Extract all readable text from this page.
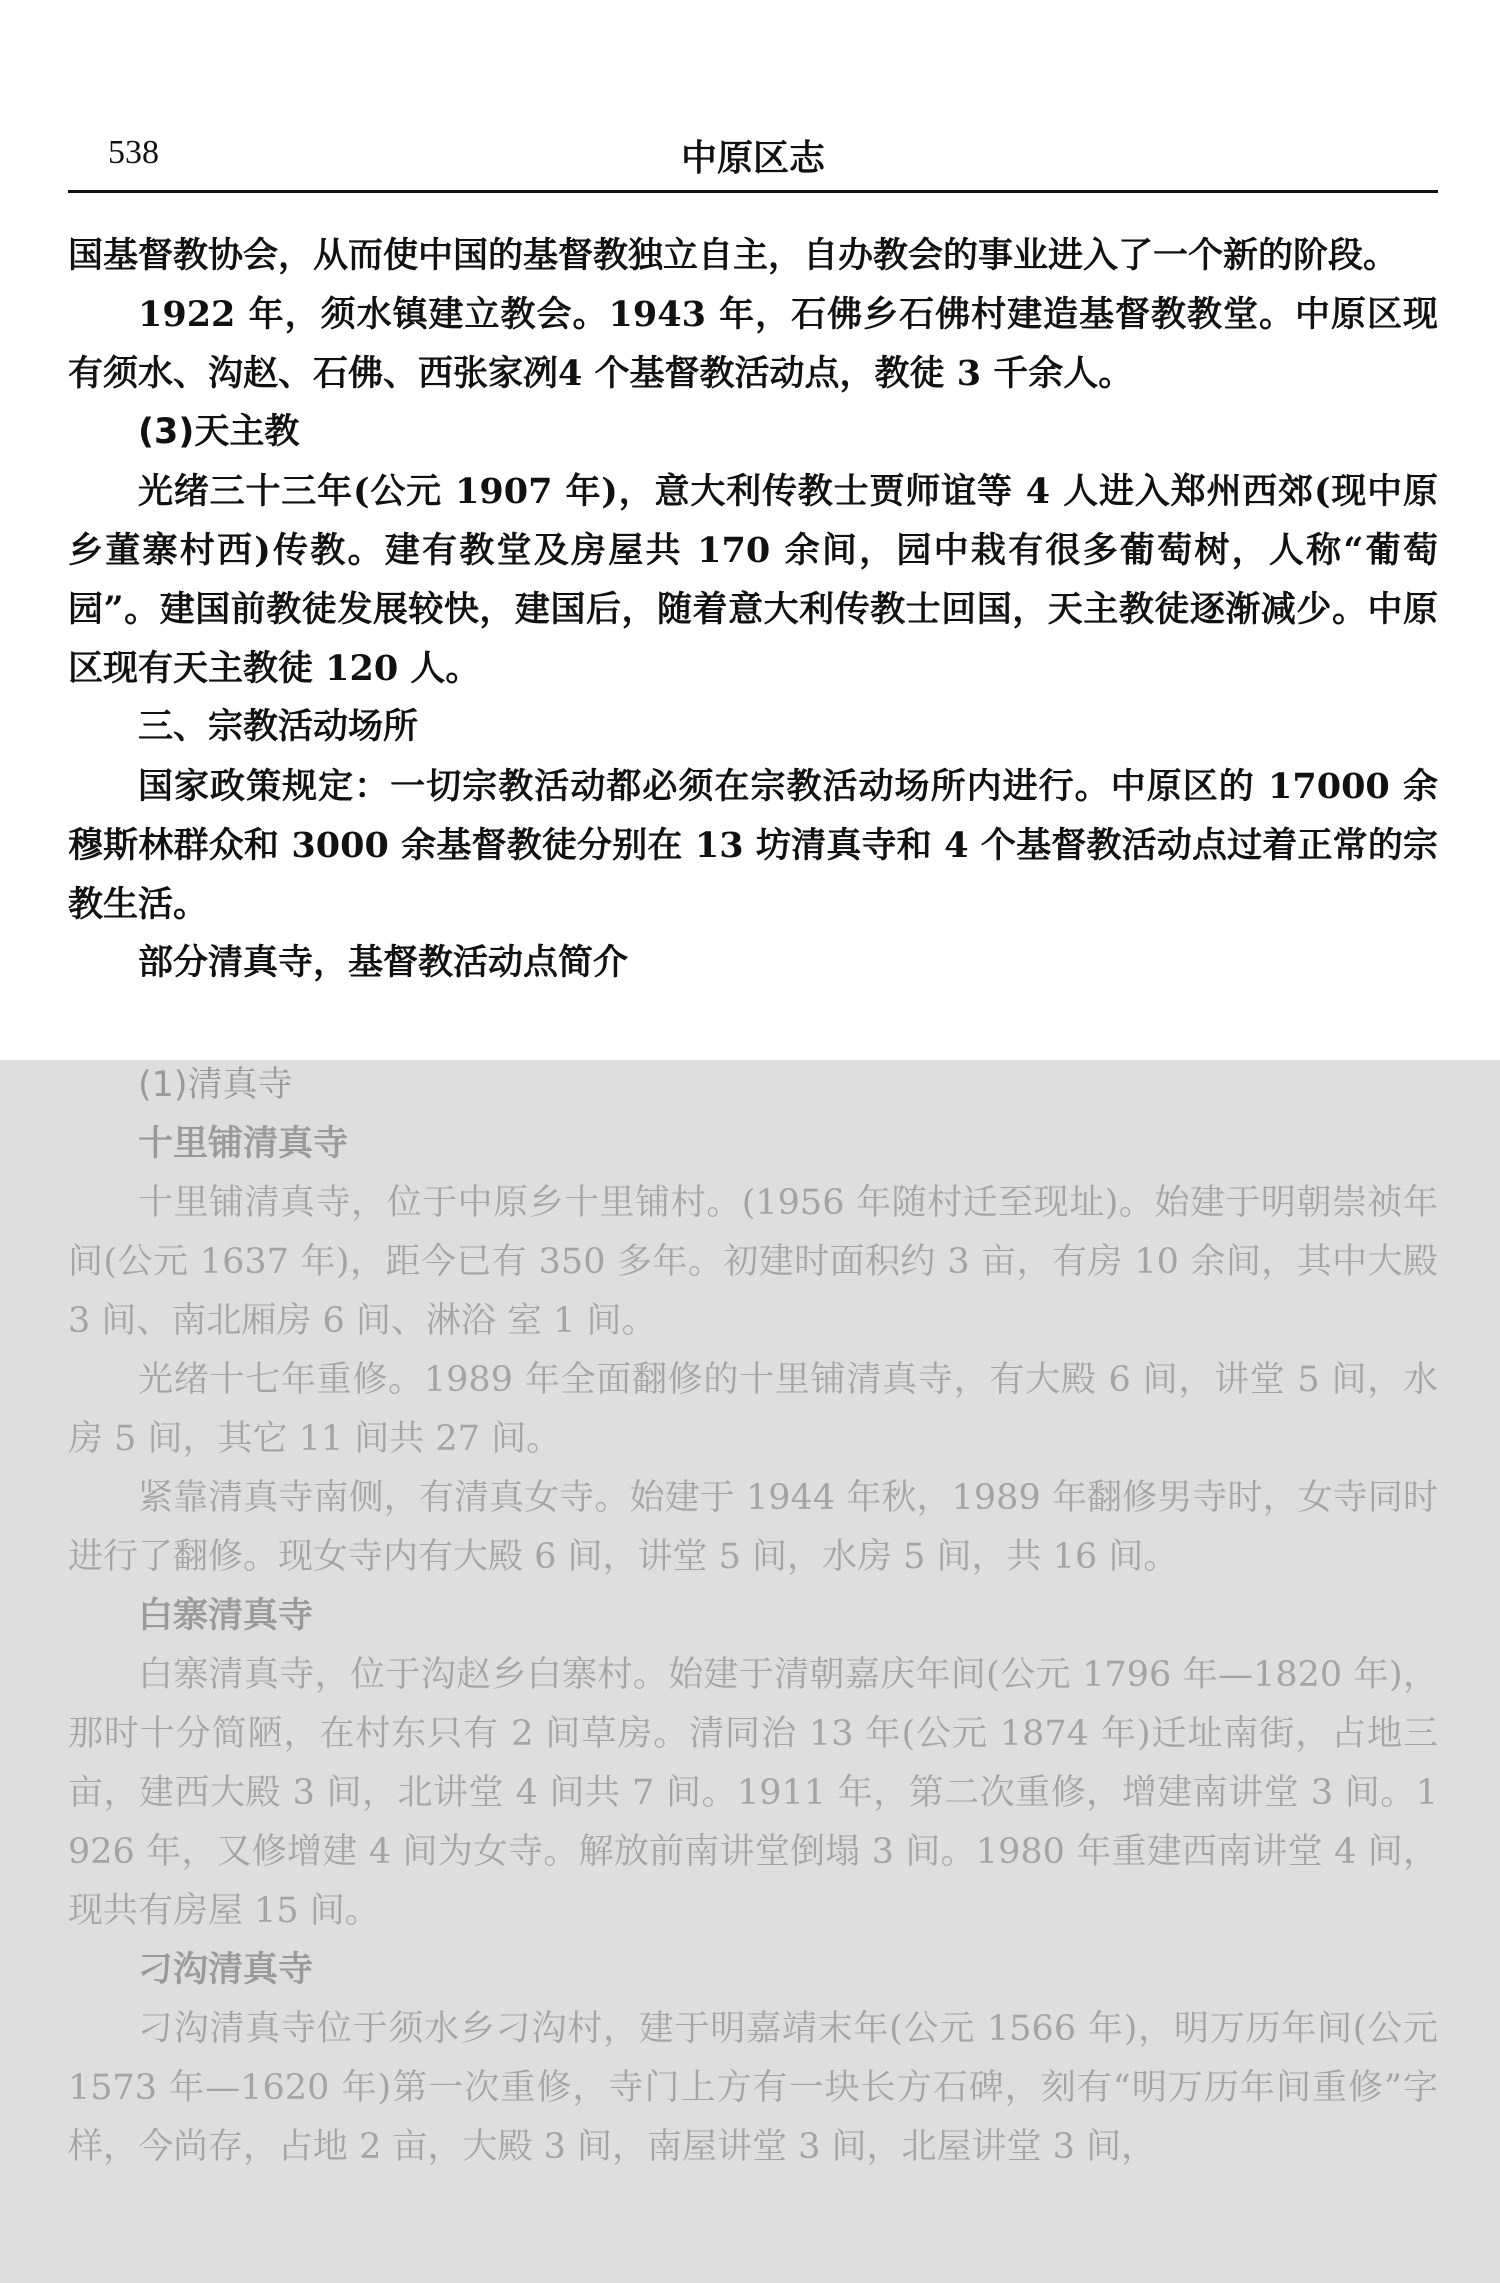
538	中原区志

国基督教协会，从而使中国的基督教独立自主，自办教会的事业进入了一个新的阶段。

1922 年，须水镇建立教会。1943 年，石佛乡石佛村建造基督教教堂。中原区现有须水、沟赵、石佛、西张家冽4 个基督教活动点，教徒 3 千余人。

(3)天主教

光绪三十三年(公元 1907 年)，意大利传教士贾师谊等 4 人进入郑州西郊(现中原乡董寨村西)传教。建有教堂及房屋共 170 余间，园中栽有很多葡萄树，人称“葡萄园”。建国前教徒发展较快，建国后，随着意大利传教士回国，天主教徒逐渐减少。中原区现有天主教徒 120 人。

三、宗教活动场所

国家政策规定：一切宗教活动都必须在宗教活动场所内进行。中原区的 17000 余穆斯林群众和 3000 余基督教徒分别在 13 坊清真寺和 4 个基督教活动点过着正常的宗教生活。

部分清真寺，基督教活动点简介
(1)清真寺
十里铺清真寺

十里铺清真寺，位于中原乡十里铺村。(1956 年随村迁至现址)。始建于明朝崇祯年间(公元 1637 年)，距今已有 350 多年。初建时面积约 3 亩，有房 10 余间，其中大殿 3 间、南北厢房 6 间、淋浴 室 1 间。

光绪十七年重修。1989 年全面翻修的十里铺清真寺，有大殿 6 间，讲堂 5 间，水房 5 间，其它 11 间共 27 间。

紧靠清真寺南侧，有清真女寺。始建于 1944 年秋，1989 年翻修男寺时，女寺同时进行了翻修。现女寺内有大殿 6 间，讲堂 5 间，水房 5 间，共 16 间。

白寨清真寺

白寨清真寺，位于沟赵乡白寨村。始建于清朝嘉庆年间(公元 1796 年—1820 年)，那时十分简陋，在村东只有 2 间草房。清同治 13 年(公元 1874 年)迁址南街，占地三亩，建西大殿 3 间，北讲堂 4 间共 7 间。1911 年，第二次重修，增建南讲堂 3 间。1926 年，又修增建 4 间为女寺。解放前南讲堂倒塌 3 间。1980 年重建西南讲堂 4 间，现共有房屋 15 间。

刁沟清真寺

刁沟清真寺位于须水乡刁沟村，建于明嘉靖末年(公元 1566 年)，明万历年间(公元 1573 年—1620 年)第一次重修，寺门上方有一块长方石碑，刻有“明万历年间重修”字样，今尚存，占地 2 亩，大殿 3 间，南屋讲堂 3 间，北屋讲堂 3 间，
